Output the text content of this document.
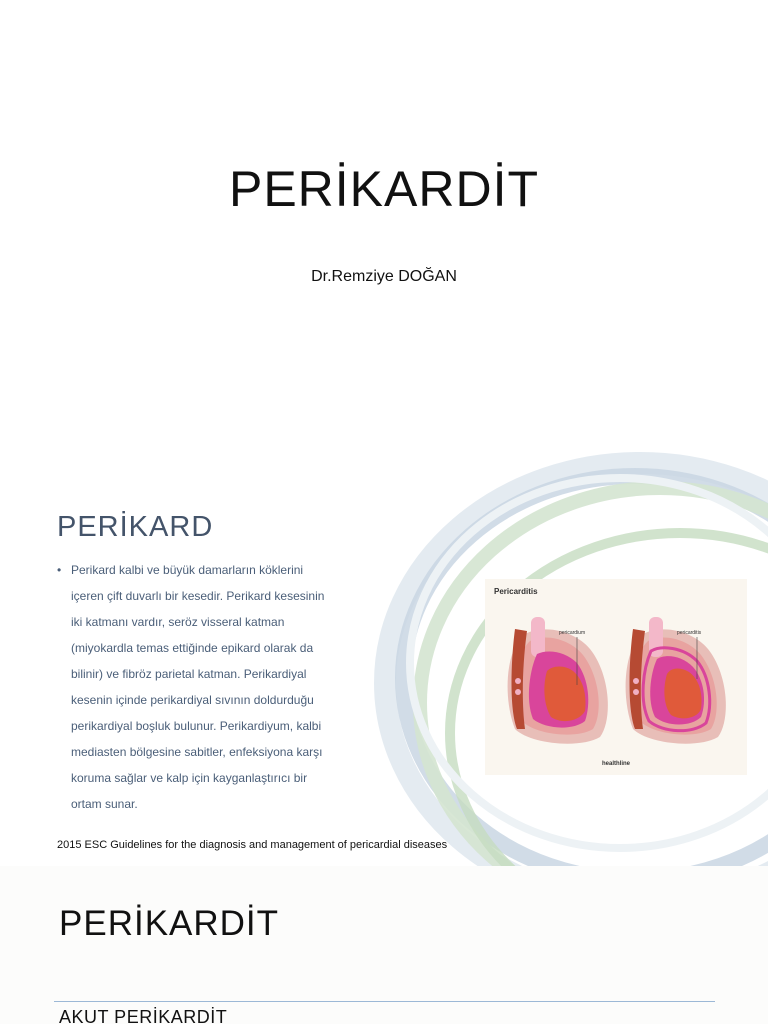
PERİKARDİT
Dr.Remziye DOĞAN
PERİKARD
• Perikard kalbi ve büyük damarların köklerini
içeren çift duvarlı bir kesedir. Perikard kesesinin
iki katmanı vardır, seröz visseral katman
(miyokardla temas ettiğinde epikard olarak da
bilinir) ve fibröz parietal katman. Perikardiyal
kesenin içinde perikardiyal sıvının doldurduğu
perikardiyal boşluk bulunur. Perikardiyum, kalbi
mediasten bölgesine sabitler, enfeksiyona karşı
koruma sağlar ve kalp için kayganlaştırıcı bir
ortam sunar.
Pericarditis
pericardium	pericarditis
healthline
2015 ESC Guidelines for the diagnosis and management of pericardial diseases
PERİKARDİT
AKUT PERİKARDİT
